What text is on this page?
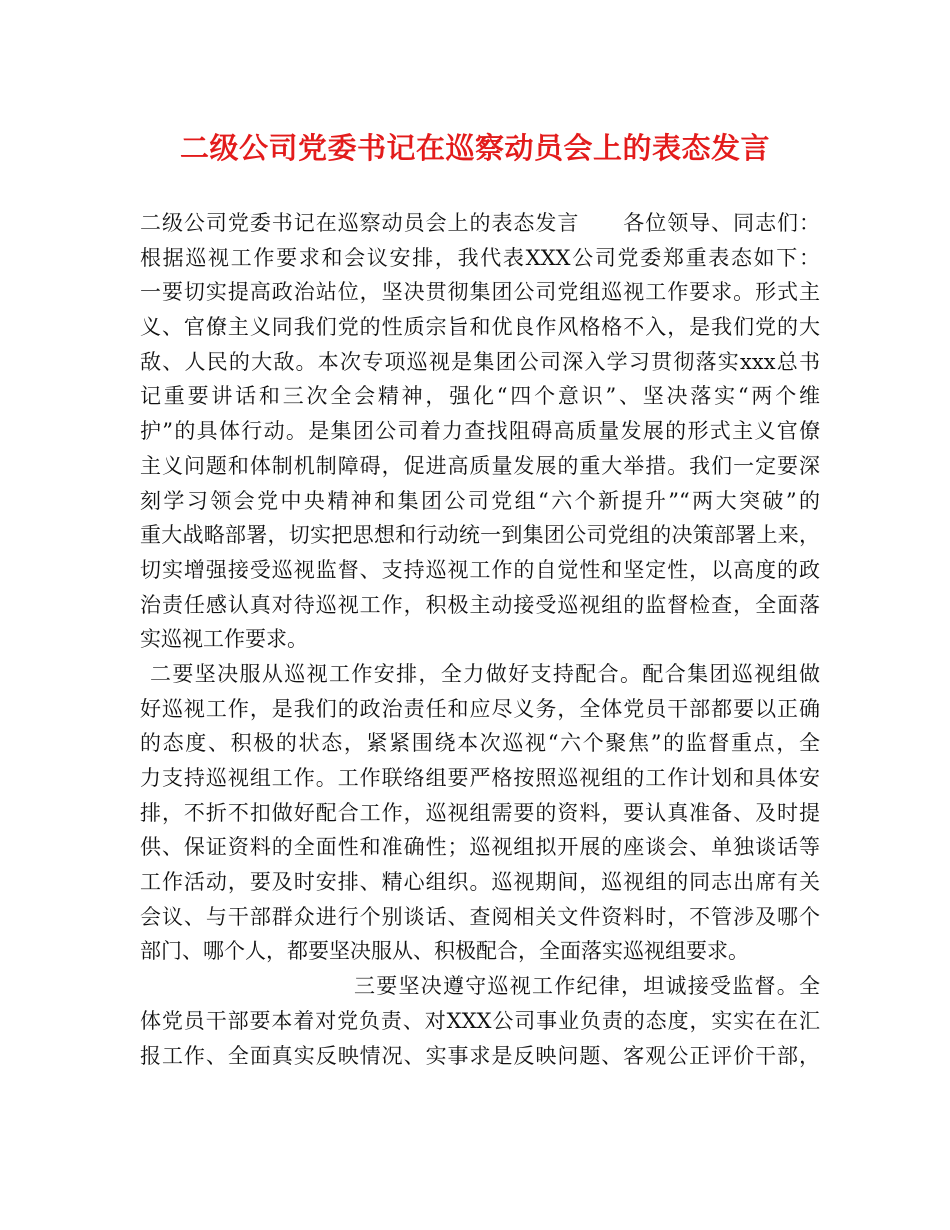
二级公司党委书记在巡察动员会上的表态发言
二级公司党委书记在巡察动员会上的表态发言　　各位领导、同志们：
根据巡视工作要求和会议安排，我代表XXX公司党委郑重表态如下：
一要切实提高政治站位，坚决贯彻集团公司党组巡视工作要求。形式主
义、官僚主义同我们党的性质宗旨和优良作风格格不入，是我们党的大
敌、人民的大敌。本次专项巡视是集团公司深入学习贯彻落实xxx总书
记重要讲话和三次全会精神，强化“四个意识”、坚决落实“两个维
护”的具体行动。是集团公司着力查找阻碍高质量发展的形式主义官僚
主义问题和体制机制障碍，促进高质量发展的重大举措。我们一定要深
刻学习领会党中央精神和集团公司党组“六个新提升”“两大突破”的
重大战略部署，切实把思想和行动统一到集团公司党组的决策部署上来，
切实增强接受巡视监督、支持巡视工作的自觉性和坚定性，以高度的政
治责任感认真对待巡视工作，积极主动接受巡视组的监督检查，全面落
实巡视工作要求。
二要坚决服从巡视工作安排，全力做好支持配合。配合集团巡视组做
好巡视工作，是我们的政治责任和应尽义务，全体党员干部都要以正确
的态度、积极的状态，紧紧围绕本次巡视“六个聚焦”的监督重点，全
力支持巡视组工作。工作联络组要严格按照巡视组的工作计划和具体安
排，不折不扣做好配合工作，巡视组需要的资料，要认真准备、及时提
供、保证资料的全面性和准确性；巡视组拟开展的座谈会、单独谈话等
工作活动，要及时安排、精心组织。巡视期间，巡视组的同志出席有关
会议、与干部群众进行个别谈话、查阅相关文件资料时，不管涉及哪个
部门、哪个人，都要坚决服从、积极配合，全面落实巡视组要求。
三要坚决遵守巡视工作纪律，坦诚接受监督。全
体党员干部要本着对党负责、对XXX公司事业负责的态度，实实在在汇
报工作、全面真实反映情况、实事求是反映问题、客观公正评价干部，
